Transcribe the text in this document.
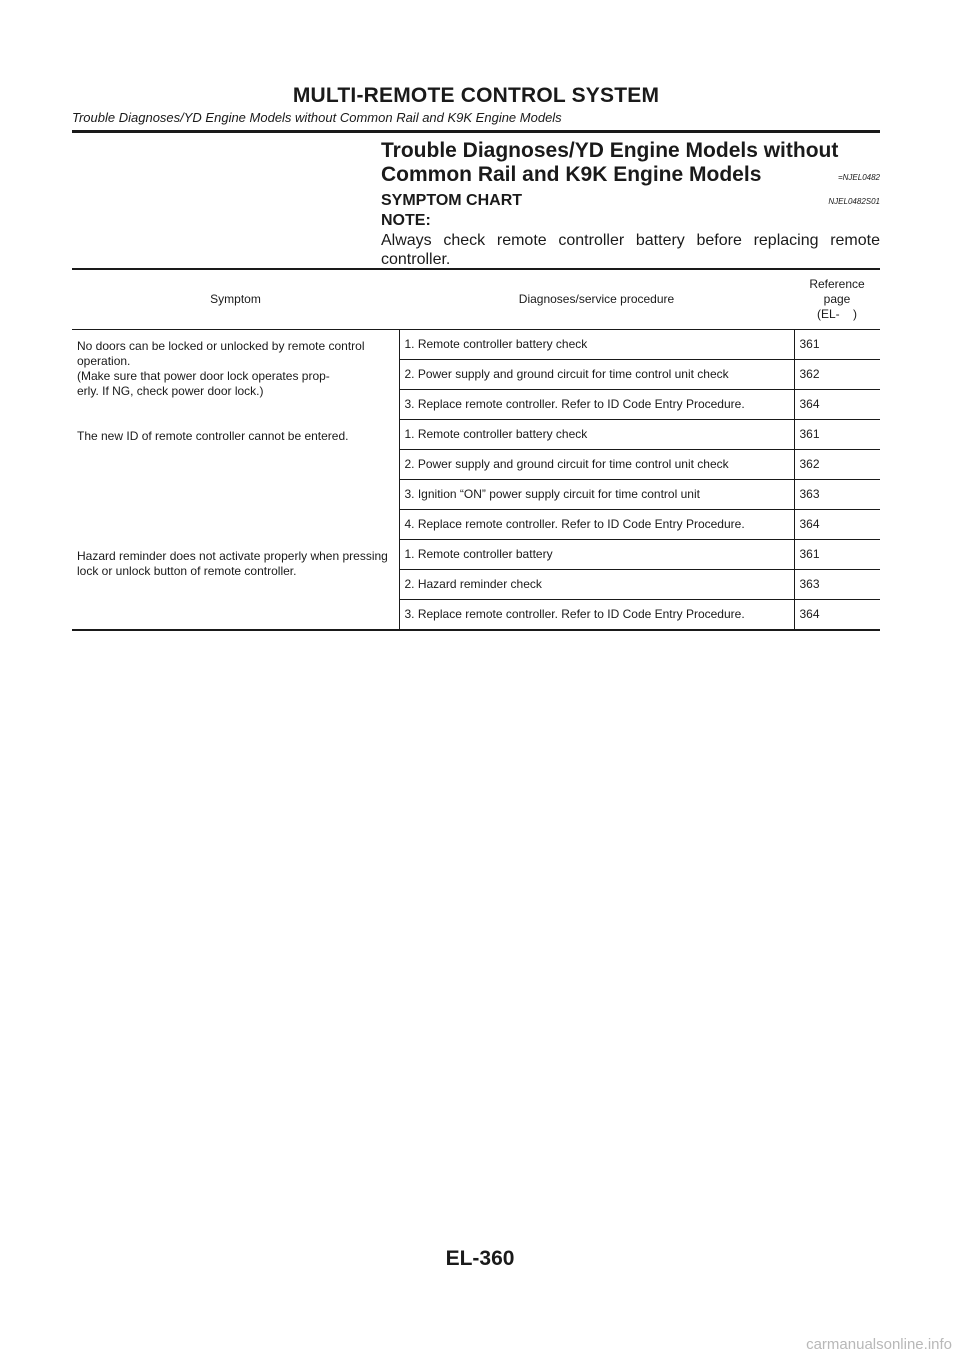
MULTI-REMOTE CONTROL SYSTEM
Trouble Diagnoses/YD Engine Models without Common Rail and K9K Engine Models
Trouble Diagnoses/YD Engine Models without
Common Rail and K9K Engine Models	=NJEL0482
SYMPTOM CHART	NJEL0482S01
NOTE:
Always check remote controller battery before replacing remote controller.
Symptom	Diagnoses/service procedure	Reference
page
(EL-    )

No doors can be locked or unlocked by remote control operation.
(Make sure that power door lock operates prop-
erly. If NG, check power door lock.)	1. Remote controller battery check	361
	2. Power supply and ground circuit for time control unit check	362
	3. Replace remote controller. Refer to ID Code Entry Procedure.	364
The new ID of remote controller cannot be entered.	1. Remote controller battery check	361
	2. Power supply and ground circuit for time control unit check	362
	3. Ignition “ON” power supply circuit for time control unit	363
	4. Replace remote controller. Refer to ID Code Entry Procedure.	364
Hazard reminder does not activate properly when pressing lock or unlock button of remote controller.	1. Remote controller battery	361
	2. Hazard reminder check	363
	3. Replace remote controller. Refer to ID Code Entry Procedure.	364
EL-360
carmanualsonline.info
